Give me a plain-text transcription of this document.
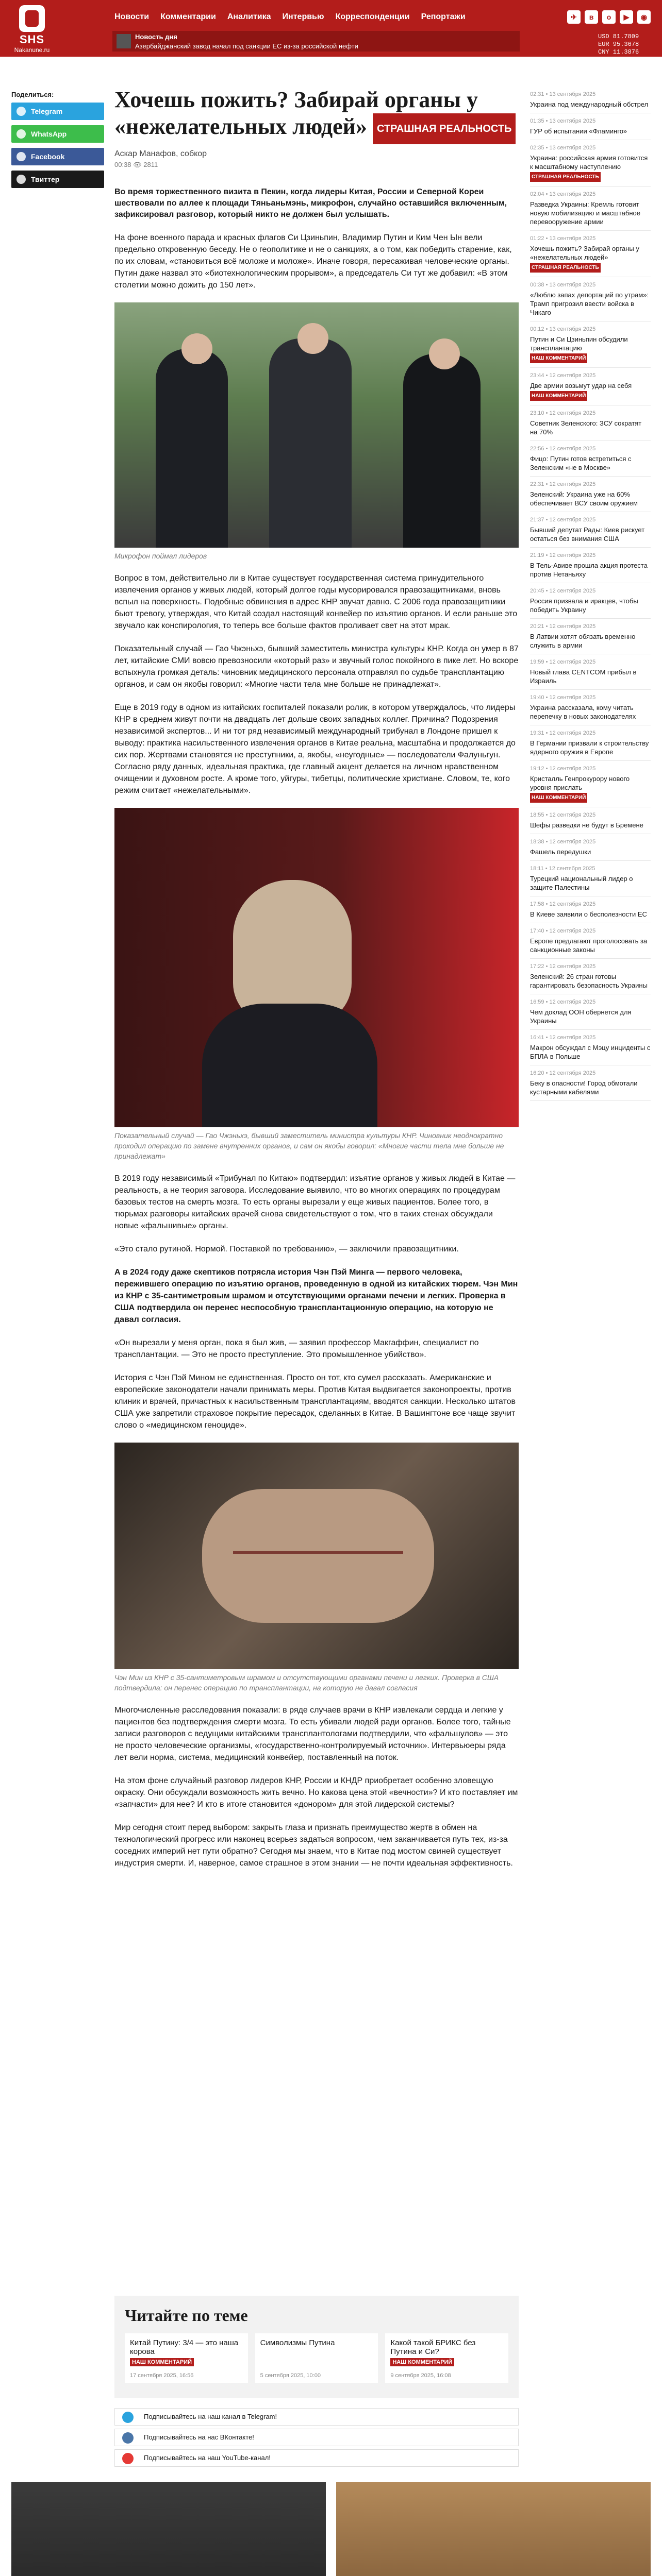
SHS
Nakanune.ru
Новости Комментарии Аналитика Интервью Корреспонденции Репортажи
Новость дня
Азербайджанский завод начал под санкции ЕС из-за российской нефти
✈	в	о	▶	◉
USD 81.7809
EUR 95.3678
CNY 11.3876
Поделиться:
Telegram
WhatsApp
Facebook
Твиттер
Хочешь пожить? Забирай органы у «нежелательных людей» СТРАШНАЯ РЕАЛЬНОСТЬ
Аскар Манафов, собкор
00:38 👁 2811
Во время торжественного визита в Пекин, когда лидеры Китая, России и Северной Кореи шествовали по аллее к площади Тяньаньмэнь, микрофон, случайно оставшийся включенным, зафиксировал разговор, который никто не должен был услышать.
На фоне военного парада и красных флагов Си Цзиньпин, Владимир Путин и Ким Чен Ын вели предельно откровенную беседу. Не о геополитике и не о санкциях, а о том, как победить старение, как, по их словам, «становиться всё моложе и моложе». Иначе говоря, пересаживая человеческие органы. Путин даже назвал это «биотехнологическим прорывом», а председатель Си тут же добавил: «В этом столетии можно дожить до 150 лет».
Микрофон поймал лидеров
Вопрос в том, действительно ли в Китае существует государственная система принудительного извлечения органов у живых людей, который долгое годы мусорировался правозащитниками, вновь вспыл на поверхность. Подобные обвинения в адрес КНР звучат давно. С 2006 года правозащитники бьют тревогу, утверждая, что Китай создал настоящий конвейер по изъятию органов. И если раньше это звучало как конспирология, то теперь все больше фактов проливает свет на этот мрак.
Показательный случай — Гао Чжэньхэ, бывший заместитель министра культуры КНР. Когда он умер в 87 лет, китайские СМИ вовсю превозносили «который раз» и звучный голос покойного в пике лет. Но вскоре вспыхнула громкая деталь: чиновник медицинского персонала отправлял по судьбе трансплантацию органов, и сам он якобы говорил: «Многие части тела мне больше не принадлежат».
Еще в 2019 году в одном из китайских госпиталей показали ролик, в котором утверждалось, что лидеры КНР в среднем живут почти на двадцать лет дольше своих западных коллег. Причина? Подозрения независимой экспертов... И ни тот ряд независимый международный трибунал в Лондоне пришел к выводу: практика насильственного извлечения органов в Китае реальна, масштабна и продолжается до сих пор. Жертвами становятся не преступники, а, якобы, «неугодные» — последователи Фалуньгун. Согласно ряду данных, идеальная практика, где главный акцент делается на личном нравственном очищении и духовном росте. А кроме того, уйгуры, тибетцы, политические христиане. Словом, те, кого режим считает «нежелательными».
Показательный случай — Гао Чжэньхэ, бывший заместитель министра культуры КНР. Чиновник неоднократно проходил операцию по замене внутренних органов, и сам он якобы говорил: «Многие части тела мне больше не принадлежат»
В 2019 году независимый «Трибунал по Китаю» подтвердил: изъятие органов у живых людей в Китае — реальность, а не теория заговора. Исследование выявило, что во многих операциях по процедурам базовых тестов на смерть мозга. То есть органы вырезали у еще живых пациентов. Более того, в тюрьмах разговоры китайских врачей снова свидетельствуют о том, что в таких стенах обсуждали новые «фальшивые» органы.
«Это стало рутиной. Нормой. Поставкой по требованию», — заключили правозащитники.
А в 2024 году даже скептиков потрясла история Чэн Пэй Минга — первого человека, пережившего операцию по изъятию органов, проведенную в одной из китайских тюрем. Чэн Мин из КНР с 35-сантиметровым шрамом и отсутствующими органами печени и легких. Проверка в США подтвердила он перенес неспособную трансплантационную операцию, на которую не давал согласия.
«Он вырезали у меня орган, пока я был жив, — заявил профессор Макгаффин, специалист по трансплантации. — Это не просто преступление. Это промышленное убийство».
История с Чэн Пэй Мином не единственная. Просто он тот, кто сумел рассказать. Американские и европейские законодатели начали принимать меры. Против Китая выдвигается законопроекты, против клиник и врачей, причастных к насильственным трансплантациям, вводятся санкции. Несколько штатов США уже запретили страховое покрытие пересадок, сделанных в Китае. В Вашингтоне все чаще звучит слово о «медицинском геноциде».
Чэн Мин из КНР с 35-сантиметровым шрамом и отсутствующими органами печени и легких. Проверка в США подтвердила: он перенес операцию по трансплантации, на которую не давал согласия
Многочисленные расследования показали: в ряде случаев врачи в КНР извлекали сердца и легкие у пациентов без подтверждения смерти мозга. То есть убивали людей ради органов. Более того, тайные записи разговоров с ведущими китайскими трансплантологами подтвердили, что «фальшулов» — это не просто человеческие организмы, «государственно-контролируемый источник». Интервьюеры ряда лет вели норма, система, медицинский конвейер, поставленный на поток.
На этом фоне случайный разговор лидеров КНР, России и КНДР приобретает особенно зловещую окраску. Они обсуждали возможность жить вечно. Но какова цена этой «вечности»? И кто поставляет им «запчасти» для нее? И кто в итоге становится «донором» для этой лидерской системы?
Мир сегодня стоит перед выбором: закрыть глаза и признать преимущество жертв в обмен на технологический прогресс или наконец всерьез задаться вопросом, чем заканчивается путь тех, из-за соседних империй нет пути обратно? Сегодня мы знаем, что в Китае под мостом свиней существует индустрия смерти. И, наверное, самое страшное в этом знании — не почти идеальная эффективность.
Читайте по теме
Китай Путину: 3/4 — это наша корова
НАШ КОММЕНТАРИЙ
17 сентября 2025, 16:56
Символизмы Путина
5 сентября 2025, 10:00
Какой такой БРИКС без Путина и Си?
НАШ КОММЕНТАРИЙ
9 сентября 2025, 16:08
Подписывайтесь на наш канал в Telegram!
Подписывайтесь на нас ВКонтакте!
Подписывайтесь на наш YouTube-канал!
02:31 • 13 сентября 2025
Украина под международный обстрел
01:35 • 13 сентября 2025
ГУР об испытании «Фламинго»
02:35 • 13 сентября 2025
Украина: российская армия готовится к масштабному наступлению
СТРАШНАЯ РЕАЛЬНОСТЬ
02:04 • 13 сентября 2025
Разведка Украины: Кремль готовит новую мобилизацию и масштабное перевооружение армии
01:22 • 13 сентября 2025
Хочешь пожить? Забирай органы у «нежелательных людей»
СТРАШНАЯ РЕАЛЬНОСТЬ
00:38 • 13 сентября 2025
«Люблю запах депортаций по утрам»: Трамп пригрозил ввести войска в Чикаго
00:12 • 13 сентября 2025
Путин и Си Цзиньпин обсудили трансплантацию
НАШ КОММЕНТАРИЙ
23:44 • 12 сентября 2025
Две армии возьмут удар на себя
НАШ КОММЕНТАРИЙ
23:10 • 12 сентября 2025
Советник Зеленского: ЗСУ сократят на 70%
22:56 • 12 сентября 2025
Фицо: Путин готов встретиться с Зеленским «не в Москве»
22:31 • 12 сентября 2025
Зеленский: Украина уже на 60% обеспечивает ВСУ своим оружием
21:37 • 12 сентября 2025
Бывший депутат Рады: Киев рискует остаться без внимания США
21:19 • 12 сентября 2025
В Тель-Авиве прошла акция протеста против Нетаньяху
20:45 • 12 сентября 2025
Россия призвала и иракцев, чтобы победить Украину
20:21 • 12 сентября 2025
В Латвии хотят обязать временно служить в армии
19:59 • 12 сентября 2025
Новый глава CENTCOM прибыл в Израиль
19:40 • 12 сентября 2025
Украина рассказала, кому читать перепечку в новых законодателях
19:31 • 12 сентября 2025
В Германии призвали к строительству ядерного оружия в Европе
19:12 • 12 сентября 2025
Кристалль Генпрокурору нового уровня прислать
НАШ КОММЕНТАРИЙ
18:55 • 12 сентября 2025
Шефы разведки не будут в Бремене
18:38 • 12 сентября 2025
Фашель передушки
18:11 • 12 сентября 2025
Турецкий национальный лидер о защите Палестины
17:58 • 12 сентября 2025
В Киеве заявили о бесполезности ЕС
17:40 • 12 сентября 2025
Европе предлагают проголосовать за санкционные законы
17:22 • 12 сентября 2025
Зеленский: 26 стран готовы гарантировать безопасность Украины
16:59 • 12 сентября 2025
Чем доклад ООН обернется для Украины
16:41 • 12 сентября 2025
Макрон обсуждал с Мэцу инциденты с БПЛА в Польше
16:20 • 12 сентября 2025
Беку в опасности! Город обмотали кустарными кабелями
